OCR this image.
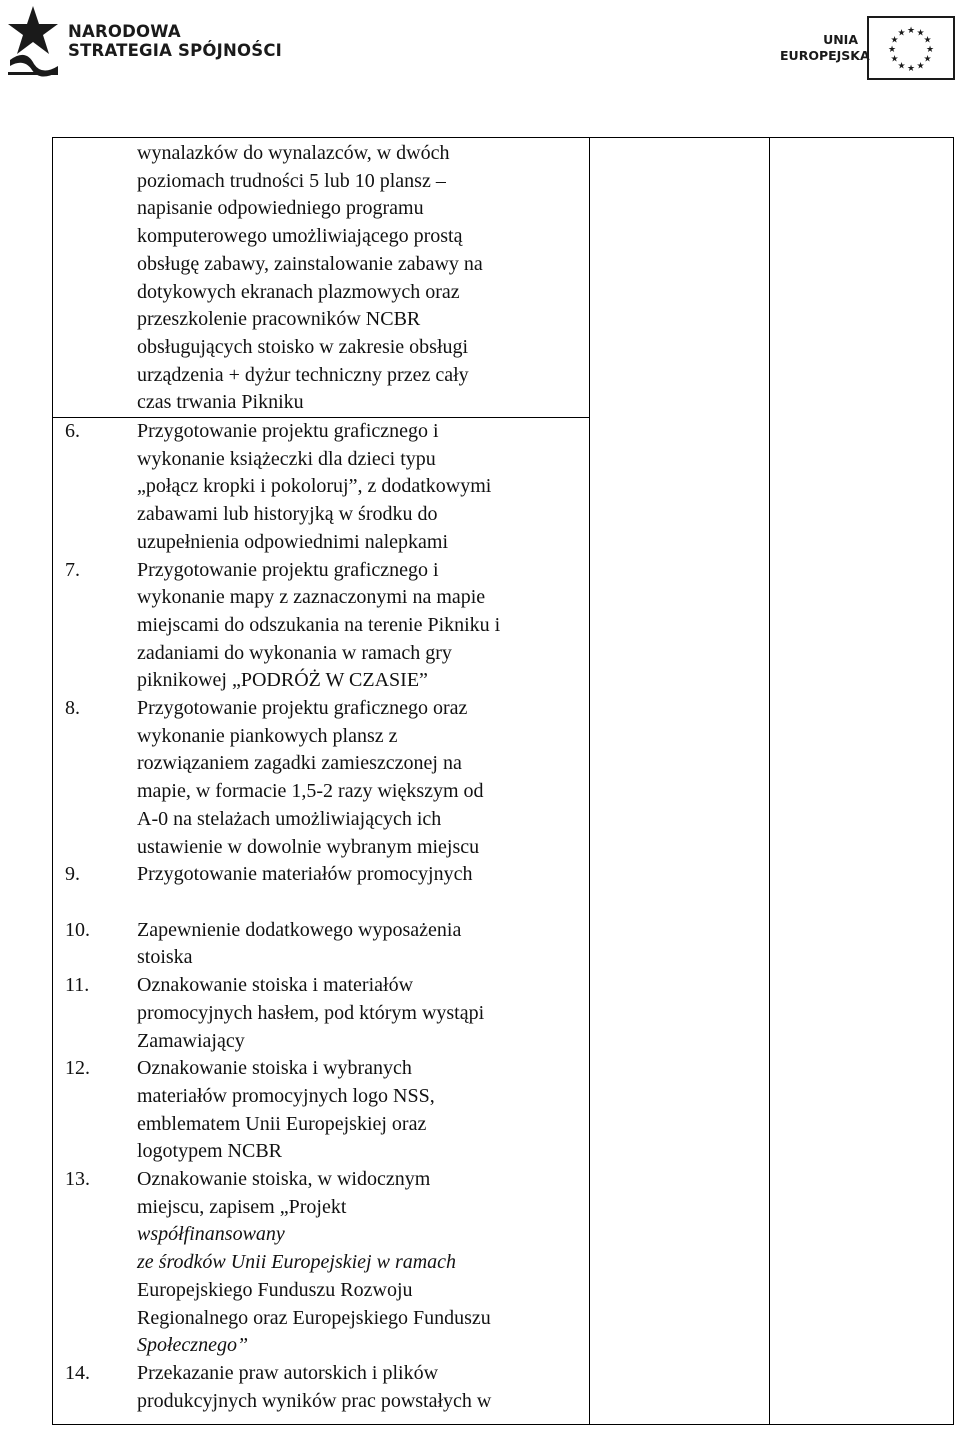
NARODOWA
STRATEGIA SPÓJNOŚCI
UNIA
EUROPEJSKA
★ ★
★
★
★
★
★
★
★
★
★
★
wynalazków do wynalazców, w dwóch
poziomach trudności 5 lub 10 plansz –
napisanie odpowiedniego programu
komputerowego umożliwiającego prostą
obsługę zabawy, zainstalowanie zabawy na
dotykowych ekranach plazmowych oraz
przeszkolenie pracowników NCBR
obsługujących stoisko w zakresie obsługi
urządzenia + dyżur techniczny przez cały
czas trwania Pikniku

6.	Przygotowanie projektu graficznego i
wykonanie książeczki dla dzieci typu
„połącz kropki i pokoloruj”, z dodatkowymi
zabawami lub historyjką w środku do
uzupełnienia odpowiednimi nalepkami
7.	Przygotowanie projektu graficznego i
wykonanie mapy z zaznaczonymi na mapie
miejscami do odszukania na terenie Pikniku i
zadaniami do wykonania w ramach gry
piknikowej „PODRÓŻ W CZASIE”
8.	Przygotowanie projektu graficznego oraz
wykonanie piankowych plansz z
rozwiązaniem zagadki zamieszczonej na
mapie, w formacie 1,5-2 razy większym od
A-0 na stelażach umożliwiających ich
ustawienie w dowolnie wybranym miejscu
9.	Przygotowanie materiałów promocyjnych

10.	Zapewnienie dodatkowego wyposażenia
stoiska
11.	Oznakowanie stoiska i materiałów
promocyjnych hasłem, pod którym wystąpi
Zamawiający
12.	Oznakowanie stoiska i wybranych
materiałów promocyjnych logo NSS,
emblematem Unii Europejskiej oraz
logotypem NCBR
13.	Oznakowanie stoiska, w widocznym
miejscu, zapisem „Projekt
współfinansowany
ze środków Unii Europejskiej w ramach
Europejskiego Funduszu Rozwoju
Regionalnego oraz Europejskiego Funduszu
Społecznego”
14.	Przekazanie praw autorskich i plików
produkcyjnych wyników prac powstałych w
